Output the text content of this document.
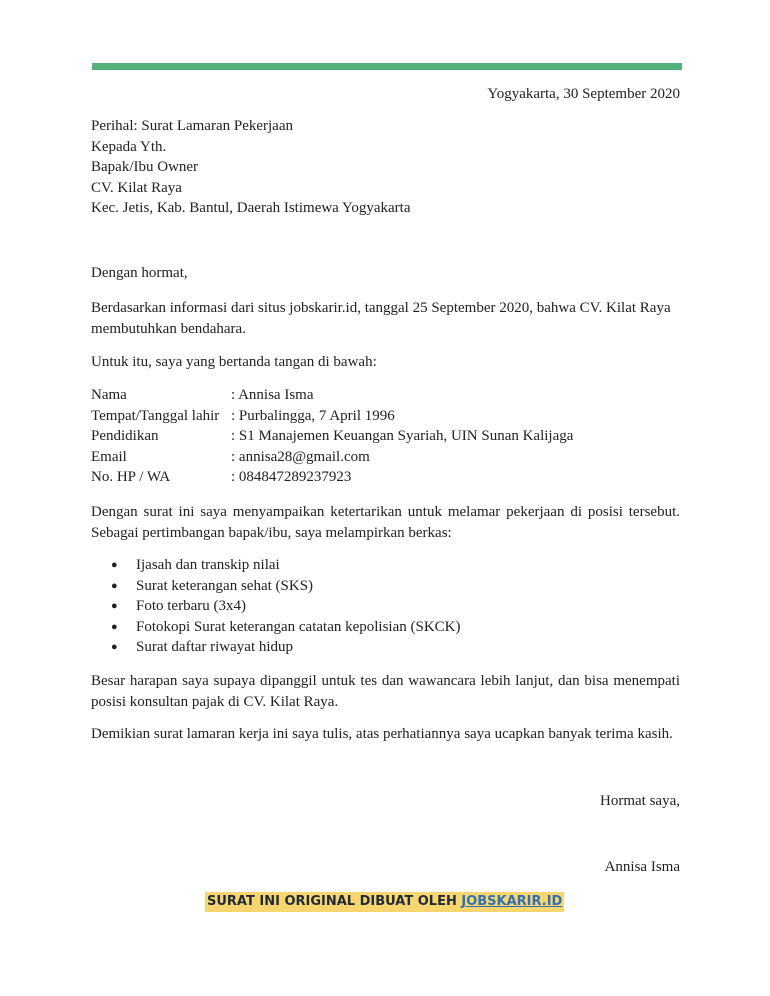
Yogyakarta, 30 September 2020
Perihal: Surat Lamaran Pekerjaan
Kepada Yth.
Bapak/Ibu Owner
CV. Kilat Raya
Kec. Jetis, Kab. Bantul, Daerah Istimewa Yogyakarta
Dengan hormat,
Berdasarkan informasi dari situs jobskarir.id, tanggal 25 September 2020, bahwa CV. Kilat Raya
membutuhkan bendahara.
Untuk itu, saya yang bertanda tangan di bawah:
Nama	: Annisa Isma
Tempat/Tanggal lahir	: Purbalingga, 7 April 1996
Pendidikan	: S1 Manajemen Keuangan Syariah, UIN Sunan Kalijaga
Email	: annisa28@gmail.com
No. HP / WA	: 084847289237923
Dengan surat ini saya menyampaikan ketertarikan untuk melamar pekerjaan di posisi tersebut.
Sebagai pertimbangan bapak/ibu, saya melampirkan berkas:
● Ijasah dan transkip nilai
● Surat keterangan sehat (SKS)
● Foto terbaru (3x4)
● Fotokopi Surat keterangan catatan kepolisian (SKCK)
● Surat daftar riwayat hidup
Besar harapan saya supaya dipanggil untuk tes dan wawancara lebih lanjut, dan bisa menempati
posisi konsultan pajak di CV. Kilat Raya.
Demikian surat lamaran kerja ini saya tulis, atas perhatiannya saya ucapkan banyak terima kasih.
Hormat saya,
Annisa Isma
SURAT INI ORIGINAL DIBUAT OLEH JOBSKARIR.ID
